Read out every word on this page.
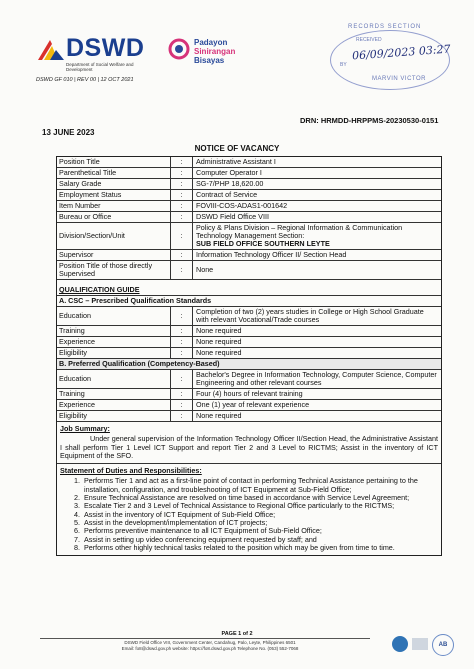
DSWD
Department of Social Welfare and Development
DSWD GF 010 | REV 00 | 12 OCT 2021
Padayon
Sinirangan
Bisayas
RECORDS SECTION
RECEIVED
06/09/2023 03:27
BY
MARVIN VICTOR
DRN: HRMDD-HRPPMS-20230530-0151
13 JUNE 2023
NOTICE OF VACANCY
Position Title	:	Administrative Assistant I
Parenthetical Title	:	Computer Operator I
Salary Grade	:	SG-7/PHP 18,620.00
Employment Status	:	Contract of Service
Item Number	:	FOVIII-COS-ADAS1-001642
Bureau or Office	:	DSWD Field Office VIII
Division/Section/Unit	:
Policy & Plans Division – Regional Information & Communication Technology Management Section:
SUB FIELD OFFICE SOUTHERN LEYTE
Supervisor	:	Information Technology Officer II/ Section Head
Position Title of those directly Supervised	:	None
QUALIFICATION GUIDE
A. CSC – Prescribed Qualification Standards
Education	:	Completion of two (2) years studies in College or High School Graduate with relevant Vocational/Trade courses
Training	:	None required
Experience	:	None required
Eligibility	:	None required
B. Preferred Qualification (Competency-Based)
Education	:	Bachelor's Degree in Information Technology, Computer Science, Computer Engineering and other relevant courses
Training	:	Four (4) hours of relevant training
Experience	:	One (1) year of relevant experience
Eligibility	:	None required
Job Summary:
Under general supervision of the Information Technology Officer II/Section Head, the Administrative Assistant I shall perform Tier 1 Level ICT Support and report Tier 2 and 3 Level to RICTMS; Assist in the inventory of ICT Equipment of the SFO.
Statement of Duties and Responsibilities:
1. Performs Tier 1 and act as a first-line point of contact in performing Technical Assistance pertaining to the installation, configuration, and troubleshooting of ICT Equipment at Sub-Field Office;
2. Ensure Technical Assistance are resolved on time based in accordance with Service Level Agreement;
3. Escalate Tier 2 and 3 Level of Technical Assistance to Regional Office particularly to the RICTMS;
4. Assist in the inventory of ICT Equipment of Sub-Field Office;
5. Assist in the development/implementation of ICT projects;
6. Performs preventive maintenance to all ICT Equipment of Sub-Field Office;
7. Assist in setting up video conferencing equipment requested by staff; and
8. Performs other highly technical tasks related to the position which may be given from time to time.
PAGE 1 of 2
DSWD Field Office VIII, Government Center, Candahug, Palo, Leyte, Philippines 6501
Email: fo8@dswd.gov.ph website: https://fo8.dswd.gov.ph Telephone No. (053) 552-7068	AB
